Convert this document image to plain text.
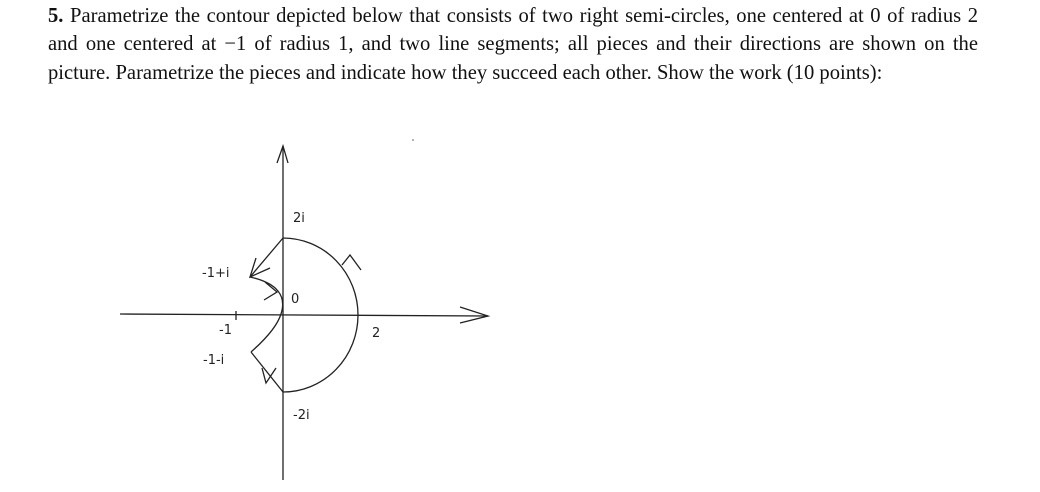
5. Parametrize the contour depicted below that consists of two right semi-circles, one centered at 0 of radius 2 and one centered at −1 of radius 1, and two line segments; all pieces and their directions are shown on the picture. Parametrize the pieces and indicate how they succeed each other. Show the work (10 points):

2i
-1+i
0
-1	2
-1-i
-2i
